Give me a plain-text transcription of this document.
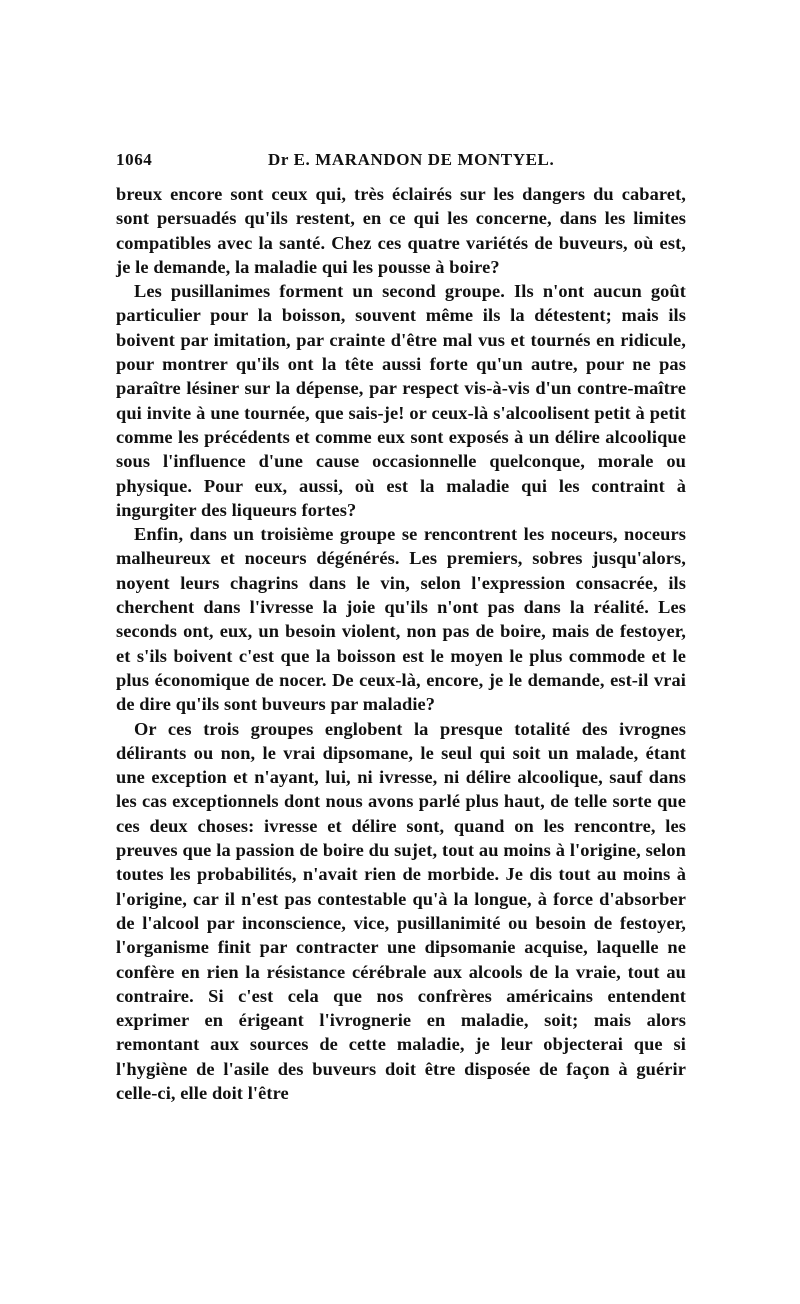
1064	Dr E. MARANDON DE MONTYEL.

breux encore sont ceux qui, très éclairés sur les dangers du cabaret, sont persuadés qu'ils restent, en ce qui les concerne, dans les limites compatibles avec la santé. Chez ces quatre variétés de buveurs, où est, je le demande, la maladie qui les pousse à boire?

Les pusillanimes forment un second groupe. Ils n'ont aucun goût particulier pour la boisson, souvent même ils la détestent; mais ils boivent par imitation, par crainte d'être mal vus et tournés en ridicule, pour montrer qu'ils ont la tête aussi forte qu'un autre, pour ne pas paraître lésiner sur la dépense, par respect vis-à-vis d'un contre-maître qui invite à une tournée, que sais-je! or ceux-là s'alcoolisent petit à petit comme les précédents et comme eux sont exposés à un délire alcoolique sous l'influence d'une cause occasionnelle quelconque, morale ou physique. Pour eux, aussi, où est la maladie qui les contraint à ingurgiter des liqueurs fortes?

Enfin, dans un troisième groupe se rencontrent les noceurs, noceurs malheureux et noceurs dégénérés. Les premiers, sobres jusqu'alors, noyent leurs chagrins dans le vin, selon l'expression consacrée, ils cherchent dans l'ivresse la joie qu'ils n'ont pas dans la réalité. Les seconds ont, eux, un besoin violent, non pas de boire, mais de festoyer, et s'ils boivent c'est que la boisson est le moyen le plus commode et le plus économique de nocer. De ceux-là, encore, je le demande, est-il vrai de dire qu'ils sont buveurs par maladie?

Or ces trois groupes englobent la presque totalité des ivrognes délirants ou non, le vrai dipsomane, le seul qui soit un malade, étant une exception et n'ayant, lui, ni ivresse, ni délire alcoolique, sauf dans les cas exceptionnels dont nous avons parlé plus haut, de telle sorte que ces deux choses: ivresse et délire sont, quand on les rencontre, les preuves que la passion de boire du sujet, tout au moins à l'origine, selon toutes les probabilités, n'avait rien de morbide. Je dis tout au moins à l'origine, car il n'est pas contestable qu'à la longue, à force d'absorber de l'alcool par inconscience, vice, pusillanimité ou besoin de festoyer, l'organisme finit par contracter une dipsomanie acquise, laquelle ne confère en rien la résistance cérébrale aux alcools de la vraie, tout au contraire. Si c'est cela que nos confrères américains entendent exprimer en érigeant l'ivrognerie en maladie, soit; mais alors remontant aux sources de cette maladie, je leur objecterai que si l'hygiène de l'asile des buveurs doit être disposée de façon à guérir celle-ci, elle doit l'être
